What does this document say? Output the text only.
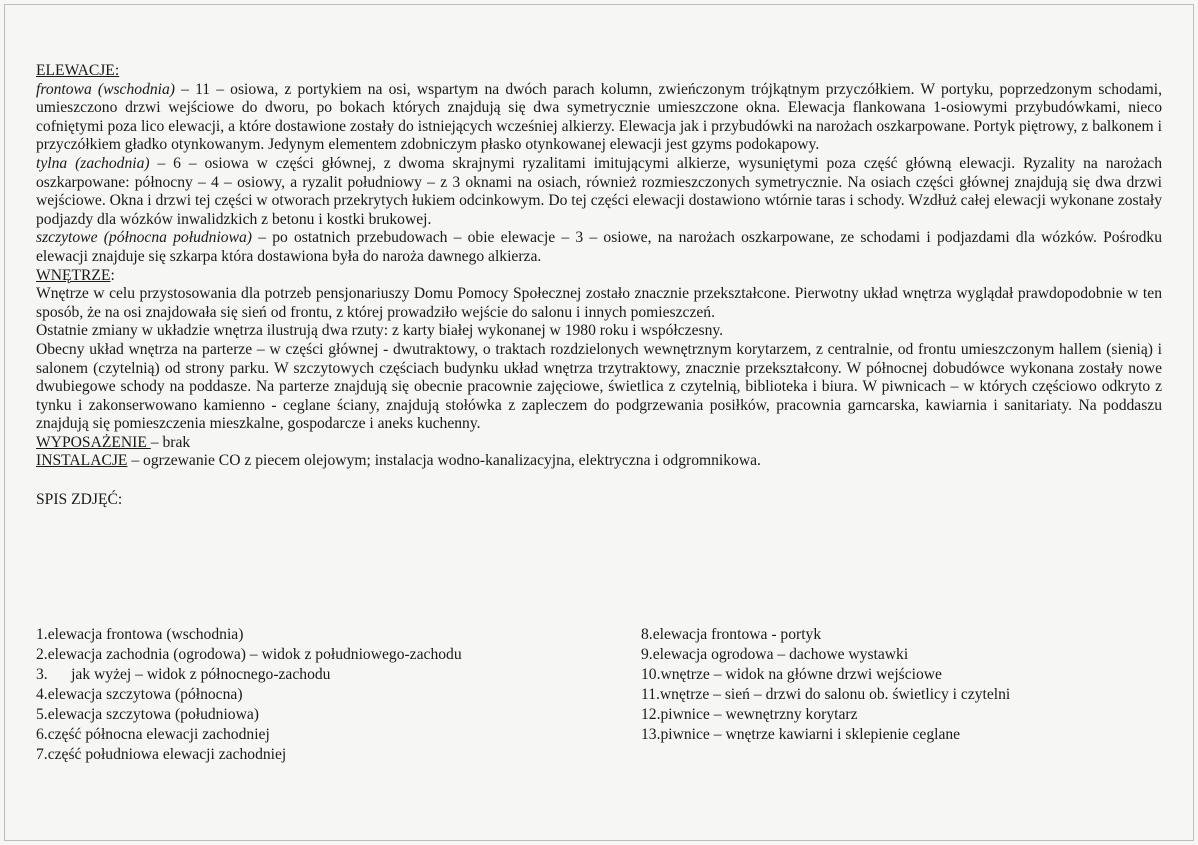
ELEWACJE:

frontowa (wschodnia) – 11 – osiowa, z portykiem na osi, wspartym na dwóch parach kolumn, zwieńczonym trójkątnym przyczółkiem. W portyku, poprzedzonym schodami, umieszczono drzwi wejściowe do dworu, po bokach których znajdują się dwa symetrycznie umieszczone okna. Elewacja flankowana 1-osiowymi przybudówkami, nieco cofniętymi poza lico elewacji, a które dostawione zostały do istniejących wcześniej alkierzy. Elewacja jak i przybudówki na narożach oszkarpowane. Portyk piętrowy, z balkonem i przyczółkiem gładko otynkowanym. Jedynym elementem zdobniczym płasko otynkowanej elewacji jest gzyms podokapowy.

tylna (zachodnia) – 6 – osiowa w części głównej, z dwoma skrajnymi ryzalitami imitującymi alkierze, wysuniętymi poza część główną elewacji. Ryzality na narożach oszkarpowane: północny – 4 – osiowy, a ryzalit południowy – z 3 oknami na osiach, również rozmieszczonych symetrycznie. Na osiach części głównej znajdują się dwa drzwi wejściowe. Okna i drzwi tej części w otworach przekrytych łukiem odcinkowym. Do tej części elewacji dostawiono wtórnie taras i schody. Wzdłuż całej elewacji wykonane zostały podjazdy dla wózków inwalidzkich z betonu i kostki brukowej.

szczytowe (północna południowa) – po ostatnich przebudowach – obie elewacje – 3 – osiowe, na narożach oszkarpowane, ze schodami i podjazdami dla wózków. Pośrodku elewacji znajduje się szkarpa która dostawiona była do naroża dawnego alkierza.

WNĘTRZE:

Wnętrze w celu przystosowania dla potrzeb pensjonariuszy Domu Pomocy Społecznej zostało znacznie przekształcone. Pierwotny układ wnętrza wyglądał prawdopodobnie w ten sposób, że na osi znajdowała się sień od frontu, z której prowadziło wejście do salonu i innych pomieszczeń.

Ostatnie zmiany w układzie wnętrza ilustrują dwa rzuty: z karty białej wykonanej w 1980 roku i współczesny.

Obecny układ wnętrza na parterze – w części głównej - dwutraktowy, o traktach rozdzielonych wewnętrznym korytarzem, z centralnie, od frontu umieszczonym hallem (sienią) i salonem (czytelnią) od strony parku. W szczytowych częściach budynku układ wnętrza trzytraktowy, znacznie przekształcony. W północnej dobudówce wykonana zostały nowe dwubiegowe schody na poddasze. Na parterze znajdują się obecnie pracownie zajęciowe, świetlica z czytelnią, biblioteka i biura. W piwnicach – w których częściowo odkryto z tynku i zakonserwowano kamienno - ceglane ściany, znajdują stołówka z zapleczem do podgrzewania posiłków, pracownia garncarska, kawiarnia i sanitariaty. Na poddaszu znajdują się pomieszczenia mieszkalne, gospodarcze i aneks kuchenny.

WYPOSAŻENIE – brak

INSTALACJE – ogrzewanie CO z piecem olejowym; instalacja wodno-kanalizacyjna, elektryczna i odgromnikowa.

SPIS ZDJĘĆ:

1.elewacja frontowa (wschodnia)
2.elewacja zachodnia (ogrodowa) – widok z południowego-zachodu
3.      jak wyżej – widok z północnego-zachodu
4.elewacja szczytowa (północna)
5.elewacja szczytowa (południowa)
6.część północna elewacji zachodniej
7.część południowa elewacji zachodniej
8.elewacja frontowa - portyk
9.elewacja ogrodowa – dachowe wystawki
10.wnętrze – widok na główne drzwi wejściowe
11.wnętrze – sień – drzwi do salonu ob. świetlicy i czytelni
12.piwnice – wewnętrzny korytarz
13.piwnice – wnętrze kawiarni i sklepienie ceglane
